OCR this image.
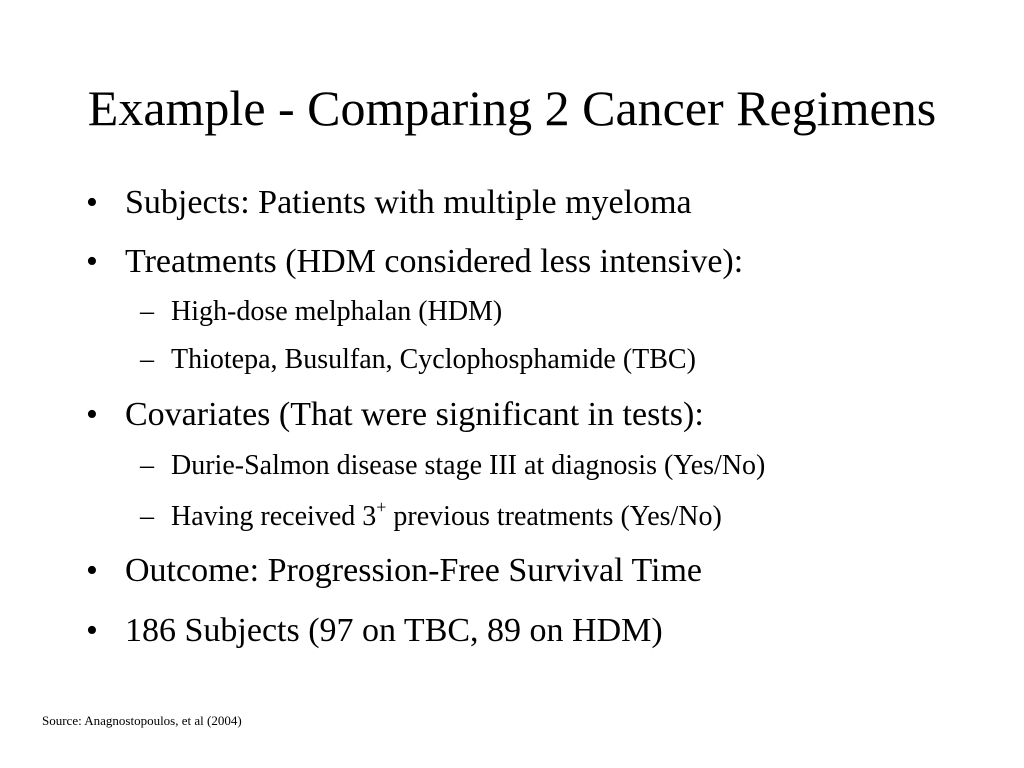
Example - Comparing 2 Cancer Regimens
• Subjects: Patients with multiple myeloma
• Treatments (HDM considered less intensive):
– High-dose melphalan (HDM)
– Thiotepa, Busulfan, Cyclophosphamide (TBC)
• Covariates (That were significant in tests):
– Durie-Salmon disease stage III at diagnosis (Yes/No)
– Having received 3+ previous treatments (Yes/No)
• Outcome: Progression-Free Survival Time
• 186 Subjects (97 on TBC, 89 on HDM)
Source: Anagnostopoulos, et al (2004)
